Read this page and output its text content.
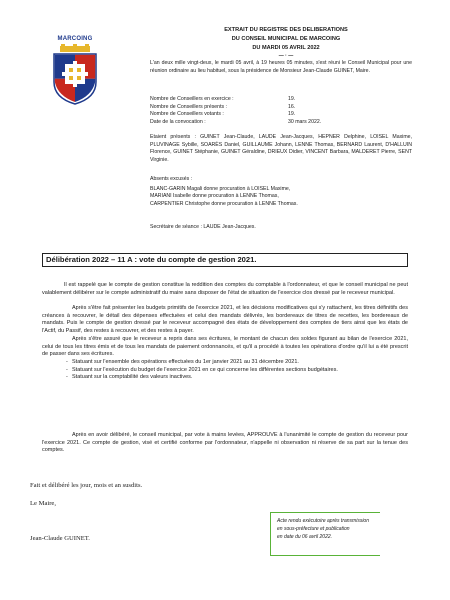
MARCOING
EXTRAIT DU REGISTRE DES DELIBERATIONS
DU CONSEIL MUNICIPAL DE MARCOING
DU MARDI 05 AVRIL 2022
— · —
L'an deux mille vingt-deux, le mardi 05 avril, à 19 heures 05 minutes, s'est réuni le Conseil Municipal pour une réunion ordinaire au lieu habituel, sous la présidence de Monsieur Jean-Claude GUINET, Maire.
Nombre de Conseillers en exercice :	19.
Nombre de Conseillers présents :	16.
Nombre de Conseillers votants :	19.
Date de la convocation :	30 mars 2022.
Etaient présents : GUINET Jean-Claude, LAUDE Jean-Jacques, HEPNER Delphine, LOISEL Maxime, PLUVINAGE Sybille, SOARÈS Daniel, GUILLAUME Johann, LENNE Thomas, BERNARD Laurent, D'HALLUIN Florence, GUINET Stéphanie, GUINET Géraldine, DRIEUX Didier, VINCENT Barbara, MALDERET Pierre, SENT Virginie.
Absents excusés :
BLANC-GARIN Magali donne procuration à LOISEL Maxime,
MARIANI Isabelle donne procuration à LENNE Thomas,
CARPENTIER Christophe donne procuration à LENNE Thomas.
Secrétaire de séance : LAUDE Jean-Jacques.
Délibération 2022 – 11 A : vote du compte de gestion 2021.
Il est rappelé que le compte de gestion constitue la reddition des comptes du comptable à l'ordonnateur, et que le conseil municipal ne peut valablement délibérer sur le compte administratif du maire sans disposer de l'état de situation de l'exercice clos dressé par le receveur municipal.
Après s'être fait présenter les budgets primitifs de l'exercice 2021, et les décisions modificatives qui s'y rattachent, les titres définitifs des créances à recouvrer, le détail des dépenses effectuées et celui des mandats délivrés, les bordereaux de titres de recettes, les bordereaux de mandats. Puis le compte de gestion dressé par le receveur accompagné des états de développement des comptes de tiers ainsi que les états de l'Actif, du Passif, des restes à recouvrer, et des restes à payer.
Après s'être assuré que le receveur a repris dans ses écritures, le montant de chacun des soldes figurant au bilan de l'exercice 2021, celui de tous les titres émis et de tous les mandats de paiement ordonnancés, et qu'il a procédé à toutes les opérations d'ordre qu'il lui a été prescrit de passer dans ses écritures.
- Statuant sur l'ensemble des opérations effectuées du 1er janvier 2021 au 31 décembre 2021.
- Statuant sur l'exécution du budget de l'exercice 2021 en ce qui concerne les différentes sections budgétaires.
- Statuant sur la comptabilité des valeurs inactives.
Après en avoir délibéré, le conseil municipal, par vote à mains levées, APPROUVE à l'unanimité le compte de gestion du receveur pour l'exercice 2021. Ce compte de gestion, visé et certifié conforme par l'ordonnateur, n'appelle ni observation ni réserve de sa part sur la tenue des comptes.
Fait et délibéré les jour, mois et an susdits.
Le Maire,
Jean-Claude GUINET.
Acte rendu exécutoire après transmission
en sous-préfecture et publication
en date du 06 avril 2022.
